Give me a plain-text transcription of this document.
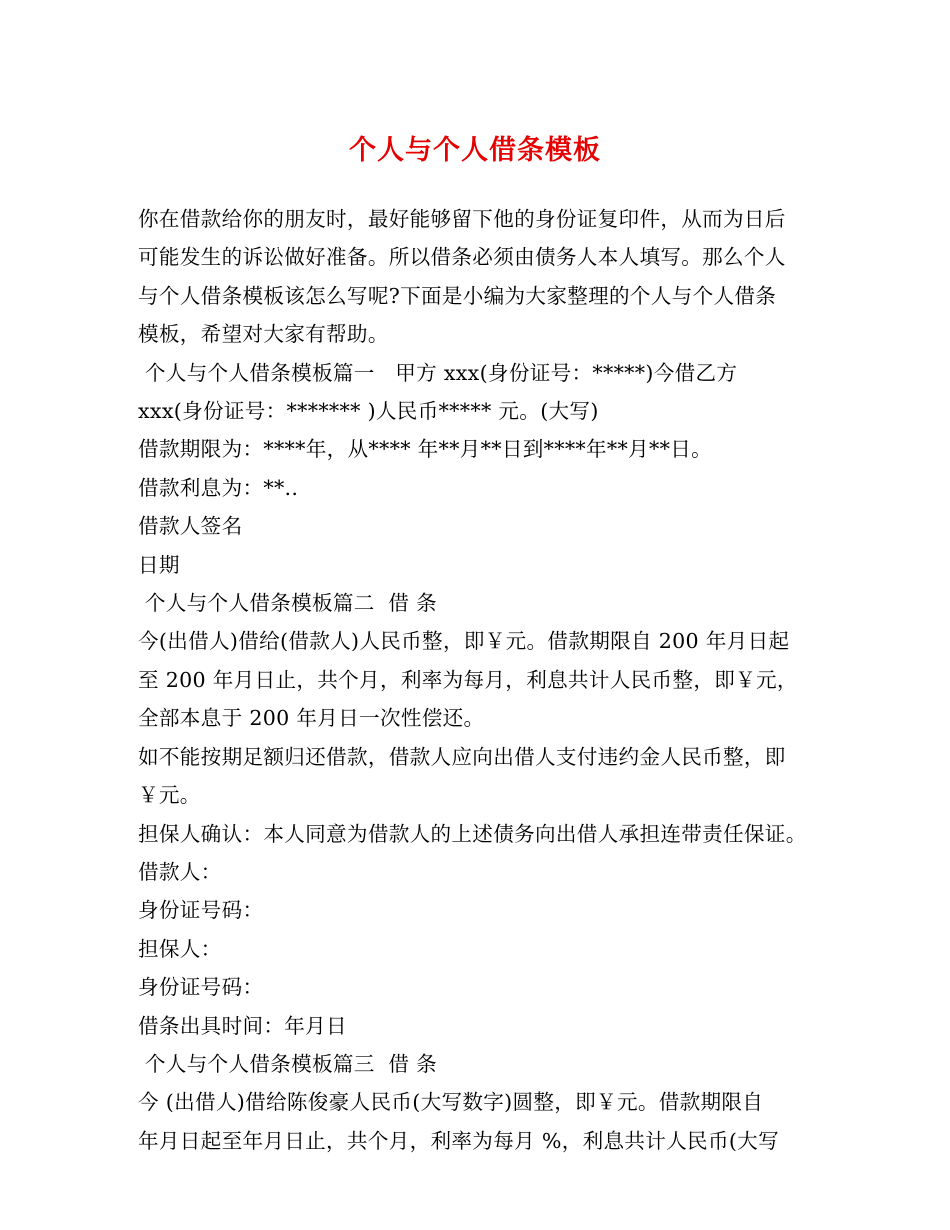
个人与个人借条模板
你在借款给你的朋友时，最好能够留下他的身份证复印件，从而为日后
可能发生的诉讼做好准备。所以借条必须由债务人本人填写。那么个人
与个人借条模板该怎么写呢?下面是小编为大家整理的个人与个人借条
模板，希望对大家有帮助。
个人与个人借条模板篇一   甲方 xxx(身份证号：*****)今借乙方
xxx(身份证号：******* )人民币***** 元。(大写)
借款期限为：****年，从**** 年**月**日到****年**月**日。
借款利息为：**..
借款人签名
日期
个人与个人借条模板篇二  借 条
今(出借人)借给(借款人)人民币整，即￥元。借款期限自 200 年月日起
至 200 年月日止，共个月，利率为每月，利息共计人民币整，即￥元，
全部本息于 200 年月日一次性偿还。
如不能按期足额归还借款，借款人应向出借人支付违约金人民币整，即
￥元。
担保人确认：本人同意为借款人的上述债务向出借人承担连带责任保证。
借款人：
身份证号码：
担保人：
身份证号码：
借条出具时间：年月日
个人与个人借条模板篇三  借 条
今 (出借人)借给陈俊豪人民币(大写数字)圆整，即￥元。借款期限自
年月日起至年月日止，共个月，利率为每月 %，利息共计人民币(大写
